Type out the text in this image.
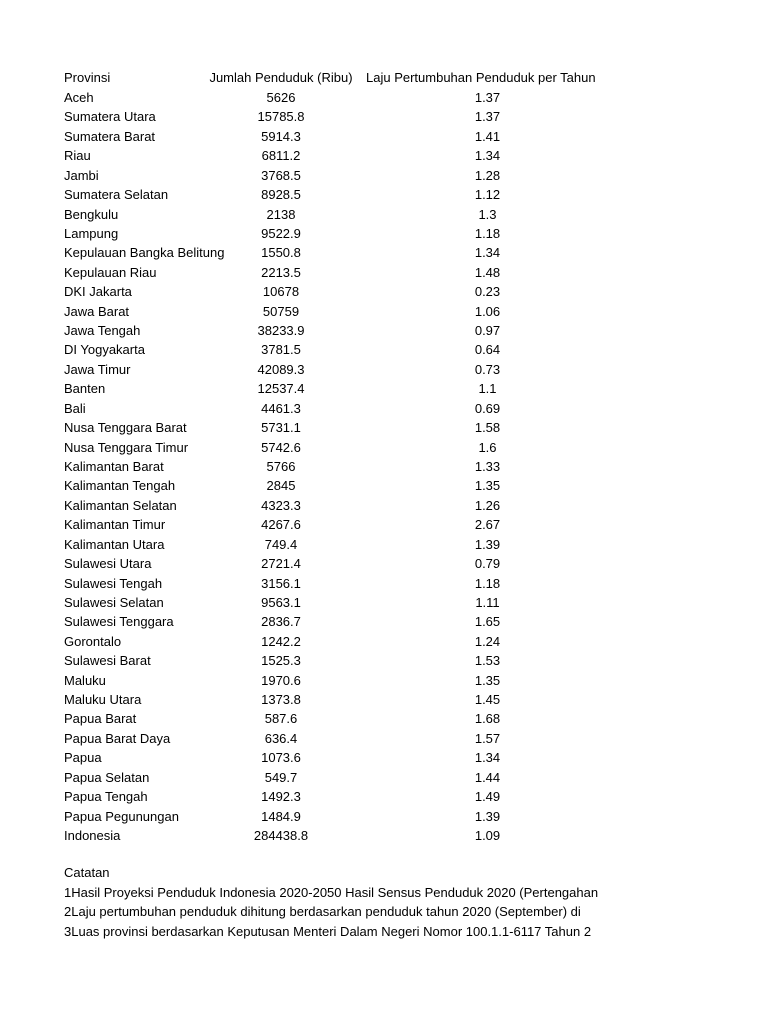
Provinsi	Jumlah Penduduk (Ribu)	Laju Pertumbuhan Penduduk per Tahun
Aceh	5626	1.37
Sumatera Utara	15785.8	1.37
Sumatera Barat	5914.3	1.41
Riau	6811.2	1.34
Jambi	3768.5	1.28
Sumatera Selatan	8928.5	1.12
Bengkulu	2138	1.3
Lampung	9522.9	1.18
Kepulauan Bangka Belitung	1550.8	1.34
Kepulauan Riau	2213.5	1.48
DKI Jakarta	10678	0.23
Jawa Barat	50759	1.06
Jawa Tengah	38233.9	0.97
DI Yogyakarta	3781.5	0.64
Jawa Timur	42089.3	0.73
Banten	12537.4	1.1
Bali	4461.3	0.69
Nusa Tenggara Barat	5731.1	1.58
Nusa Tenggara Timur	5742.6	1.6
Kalimantan Barat	5766	1.33
Kalimantan Tengah	2845	1.35
Kalimantan Selatan	4323.3	1.26
Kalimantan Timur	4267.6	2.67
Kalimantan Utara	749.4	1.39
Sulawesi Utara	2721.4	0.79
Sulawesi Tengah	3156.1	1.18
Sulawesi Selatan	9563.1	1.11
Sulawesi Tenggara	2836.7	1.65
Gorontalo	1242.2	1.24
Sulawesi Barat	1525.3	1.53
Maluku	1970.6	1.35
Maluku Utara	1373.8	1.45
Papua Barat	587.6	1.68
Papua Barat Daya	636.4	1.57
Papua	1073.6	1.34
Papua Selatan	549.7	1.44
Papua Tengah	1492.3	1.49
Papua Pegunungan	1484.9	1.39
Indonesia	284438.8	1.09
Catatan
1Hasil Proyeksi Penduduk Indonesia 2020-2050 Hasil Sensus Penduduk 2020 (Pertengahan
2Laju pertumbuhan penduduk dihitung berdasarkan penduduk tahun 2020 (September) di
3Luas provinsi berdasarkan Keputusan Menteri Dalam Negeri Nomor 100.1.1-6117 Tahun 2
